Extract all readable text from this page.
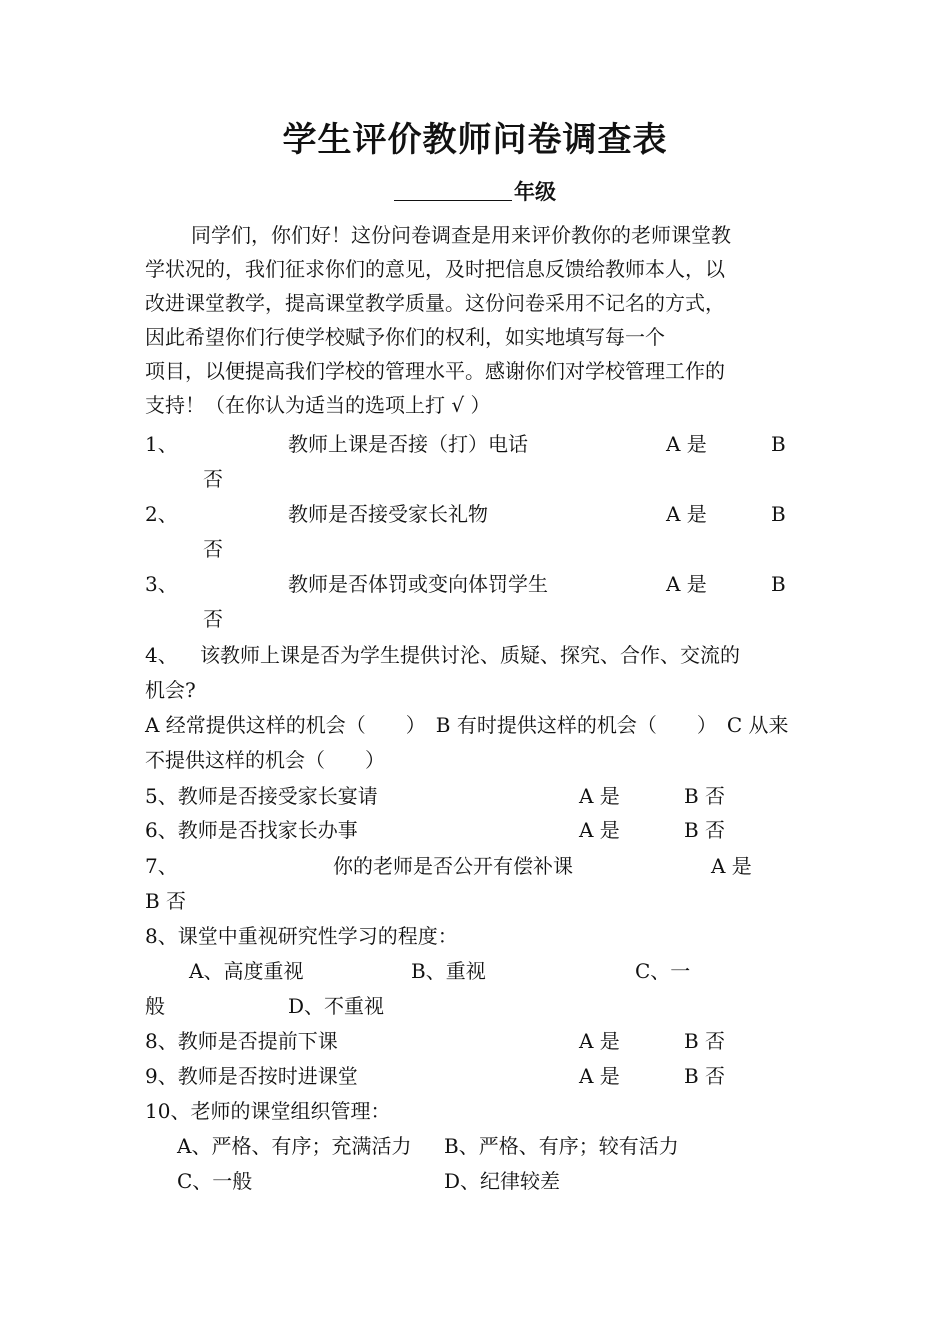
学生评价教师问卷调查表
年级
同学们，你们好！这份问卷调查是用来评价教你的老师课堂教
学状况的，我们征求你们的意见，及时把信息反馈给教师本人，以
改进课堂教学，提高课堂教学质量。这份问卷采用不记名的方式，
因此希望你们行使学校赋予你们的权利，如实地填写每一个
项目，以便提高我们学校的管理水平。感谢你们对学校管理工作的
支持！（在你认为适当的选项上打 √ ）
1、	教师上课是否接（打）电话	A 是	B
否
2、	教师是否接受家长礼物	A 是	B
否
3、	教师是否体罚或变向体罚学生	A 是	B
否
4、 该教师上课是否为学生提供讨沦、质疑、探究、合作、交流的
机会?
A 经常提供这样的机会（　　）　B 有时提供这样的机会（　　）　C 从来
不提供这样的机会（　　）
5、教师是否接受家长宴请	A 是	B 否
6、教师是否找家长办事	A 是	B 否
7、	你的老师是否公开有偿补课	A 是
B 否
8、课堂中重视研究性学习的程度：
A、高度重视	B、重视	C、一
般	D、不重视
8、教师是否提前下课	A 是	B 否
9、教师是否按时进课堂	A 是	B 否
10、老师的课堂组织管理：
A、严格、有序；充满活力 B、严格、有序；较有活力
C、一般	D、纪律较差
